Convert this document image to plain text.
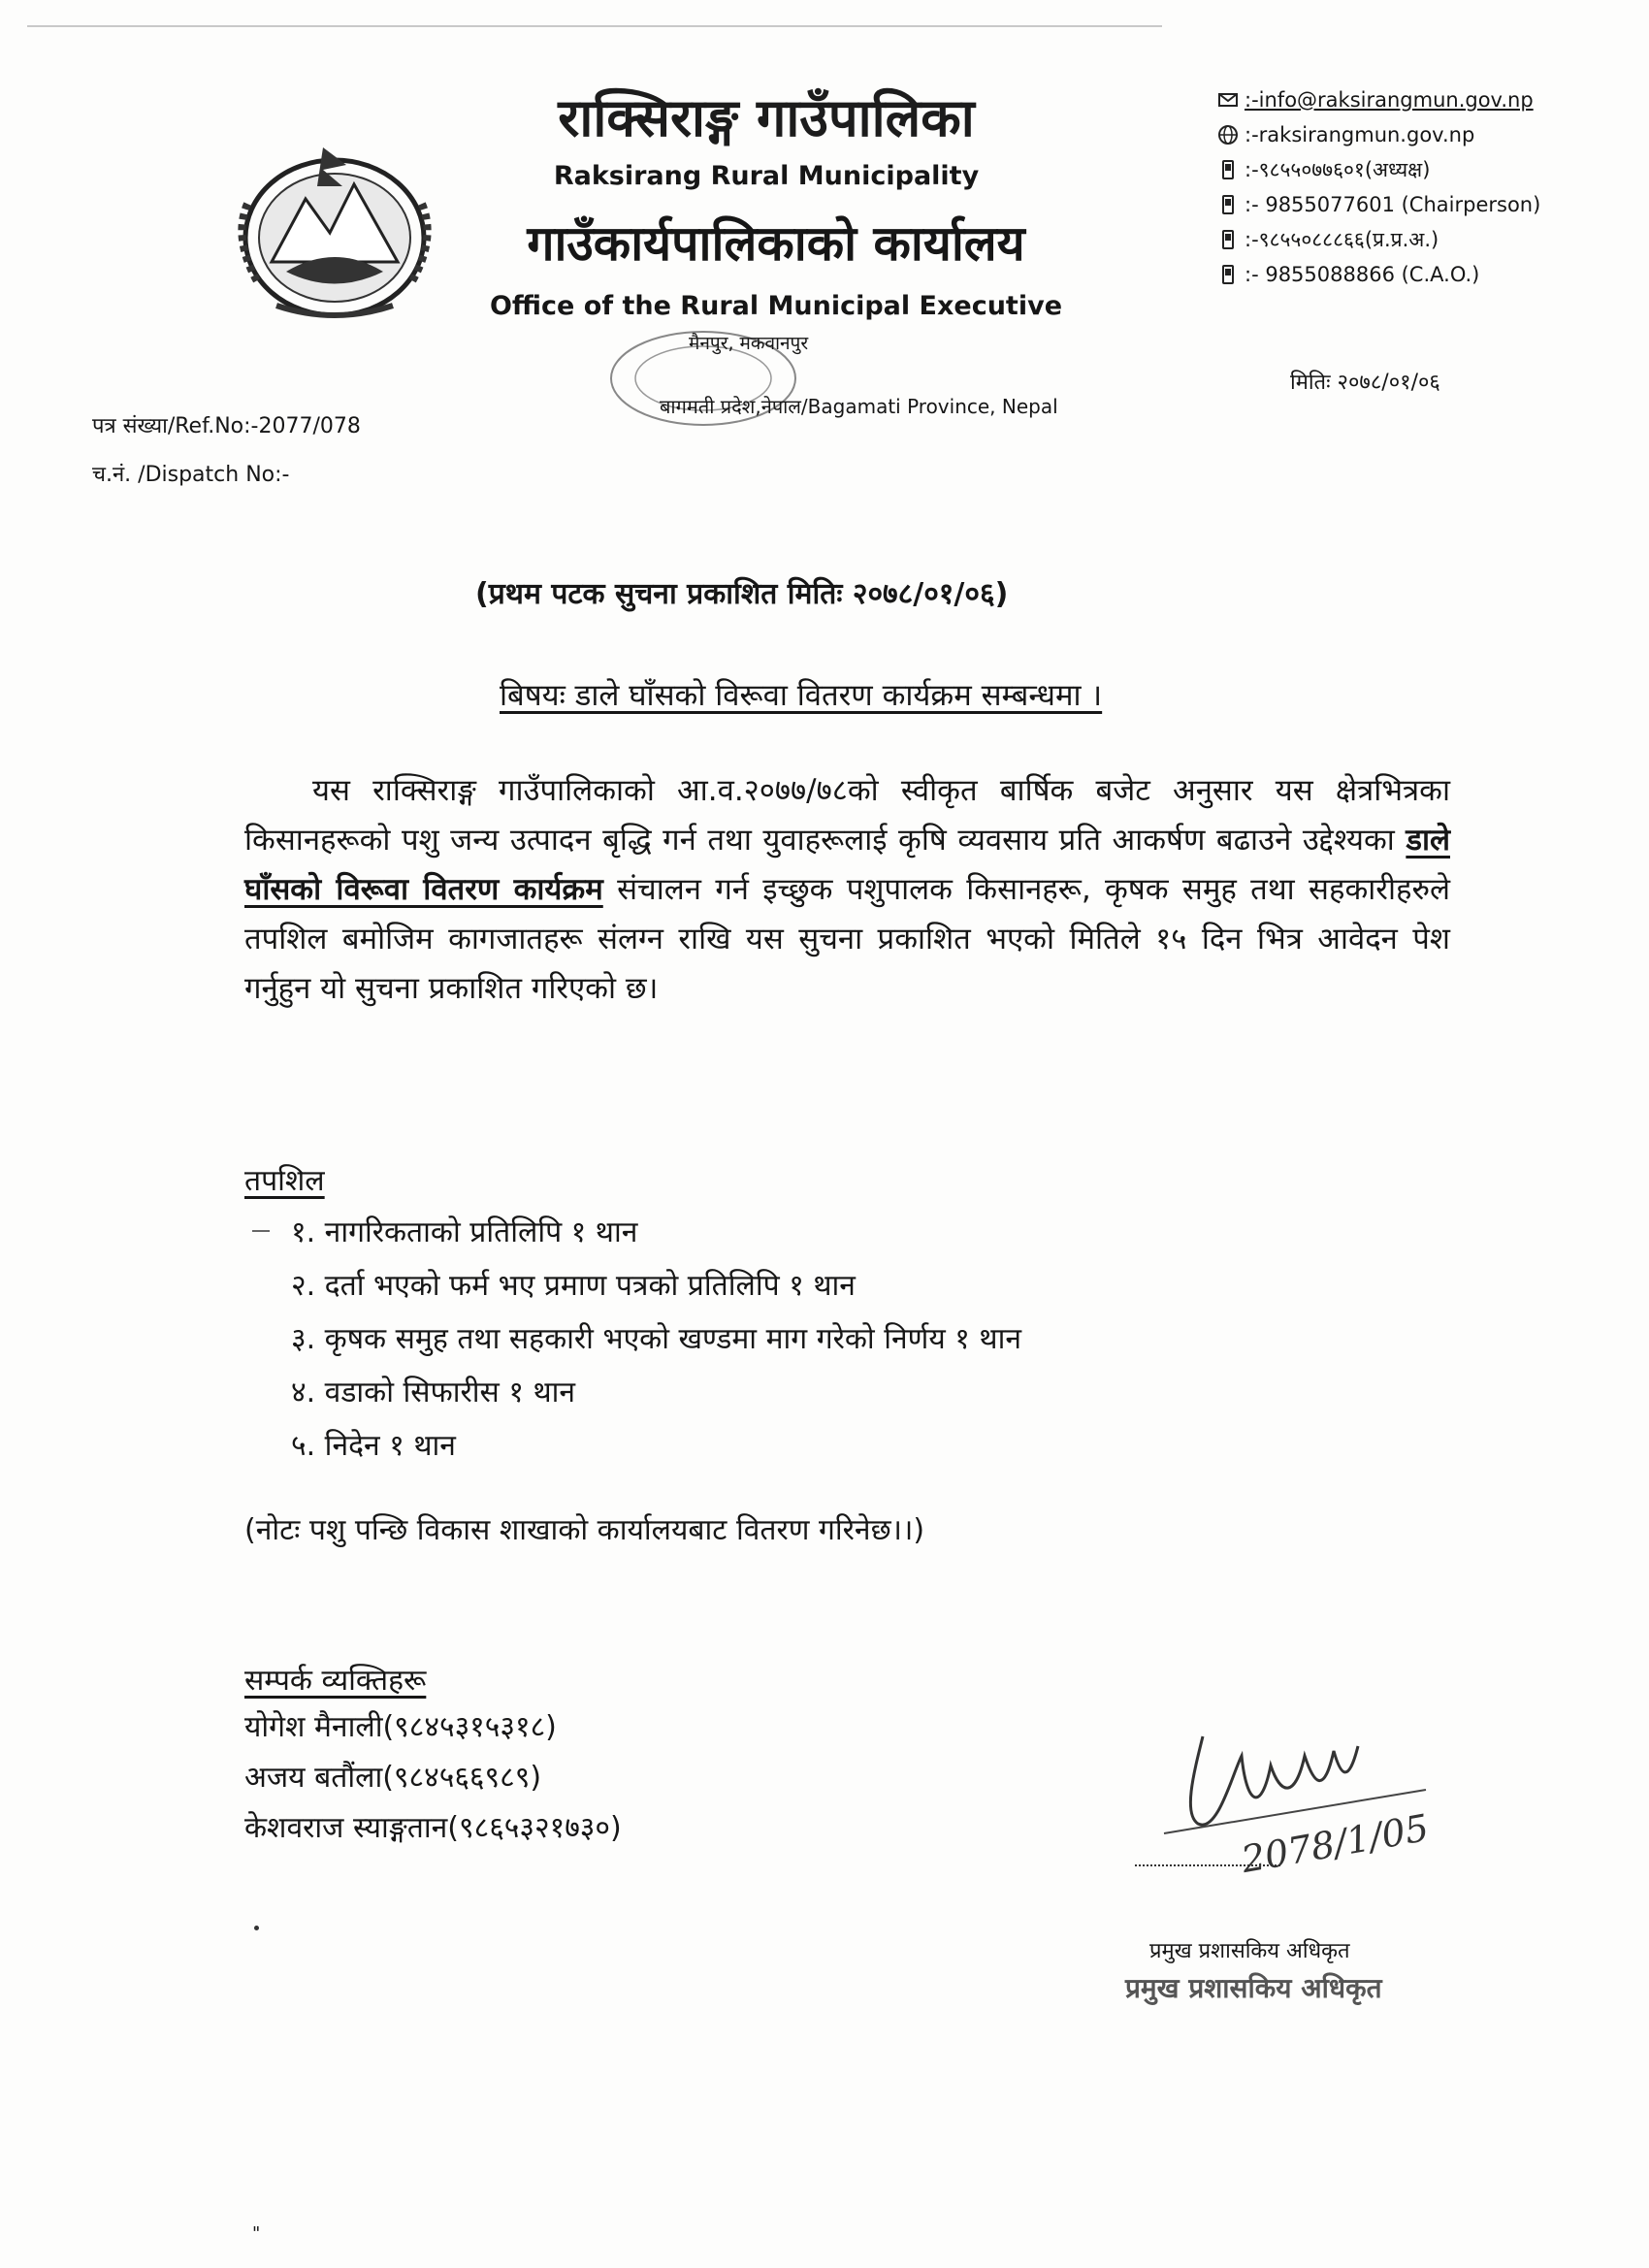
राक्सिराङ्ग गाउँपालिका
Raksirang Rural Municipality
गाउँकार्यपालिकाको कार्यालय
Office of the Rural Municipal Executive
मैनपुर, मकवानपुर
बागमती प्रदेश,नेपाल/Bagamati Province, Nepal
:-info@raksirangmun.gov.np
:-raksirangmun.gov.np
:-९८५५०७७६०१(अध्यक्ष)
:- 9855077601 (Chairperson)
:-९८५५०८८८६६(प्र.प्र.अ.)
:- 9855088866 (C.A.O.)
मितिः २०७८/०१/०६
पत्र संख्या/Ref.No:-2077/078
च.नं. /Dispatch No:-
(प्रथम पटक सुचना प्रकाशित मितिः २०७८/०१/०६)
बिषयः डाले घाँसको विरूवा वितरण कार्यक्रम सम्बन्धमा ।
यस राक्सिराङ्ग गाउँपालिकाको आ.व.२०७७/७८को स्वीकृत बार्षिक बजेट अनुसार यस क्षेत्रभित्रका किसानहरूको पशु जन्य उत्पादन बृद्धि गर्न तथा युवाहरूलाई कृषि व्यवसाय प्रति आकर्षण बढाउने उद्देश्यका डाले घाँसको विरूवा वितरण कार्यक्रम संचालन गर्न इच्छुक पशुपालक किसानहरू, कृषक समुह तथा सहकारीहरुले तपशिल बमोजिम कागजातहरू संलग्न राखि यस सुचना प्रकाशित भएको मितिले १५ दिन भित्र आवेदन पेश गर्नुहुन यो सुचना प्रकाशित गरिएको छ।
तपशिल
१. नागरिकताको प्रतिलिपि १ थान
२. दर्ता भएको फर्म भए प्रमाण पत्रको प्रतिलिपि १ थान
३. कृषक समुह तथा सहकारी भएको खण्डमा माग गरेको निर्णय १ थान
४. वडाको सिफारीस १ थान
५. निदेन १ थान
(नोटः पशु पन्छि विकास शाखाको कार्यालयबाट वितरण गरिनेछ।।)
सम्पर्क व्यक्तिहरू
योगेश मैनाली(९८४५३१५३१८)
अजय बतौंला(९८४५६६९८९)
केशवराज स्याङ्गतान(९८६५३२१७३०)	2078/1/05
प्रमुख प्रशासकिय अधिकृत
प्रमुख प्रशासकिय अधिकृत
"
